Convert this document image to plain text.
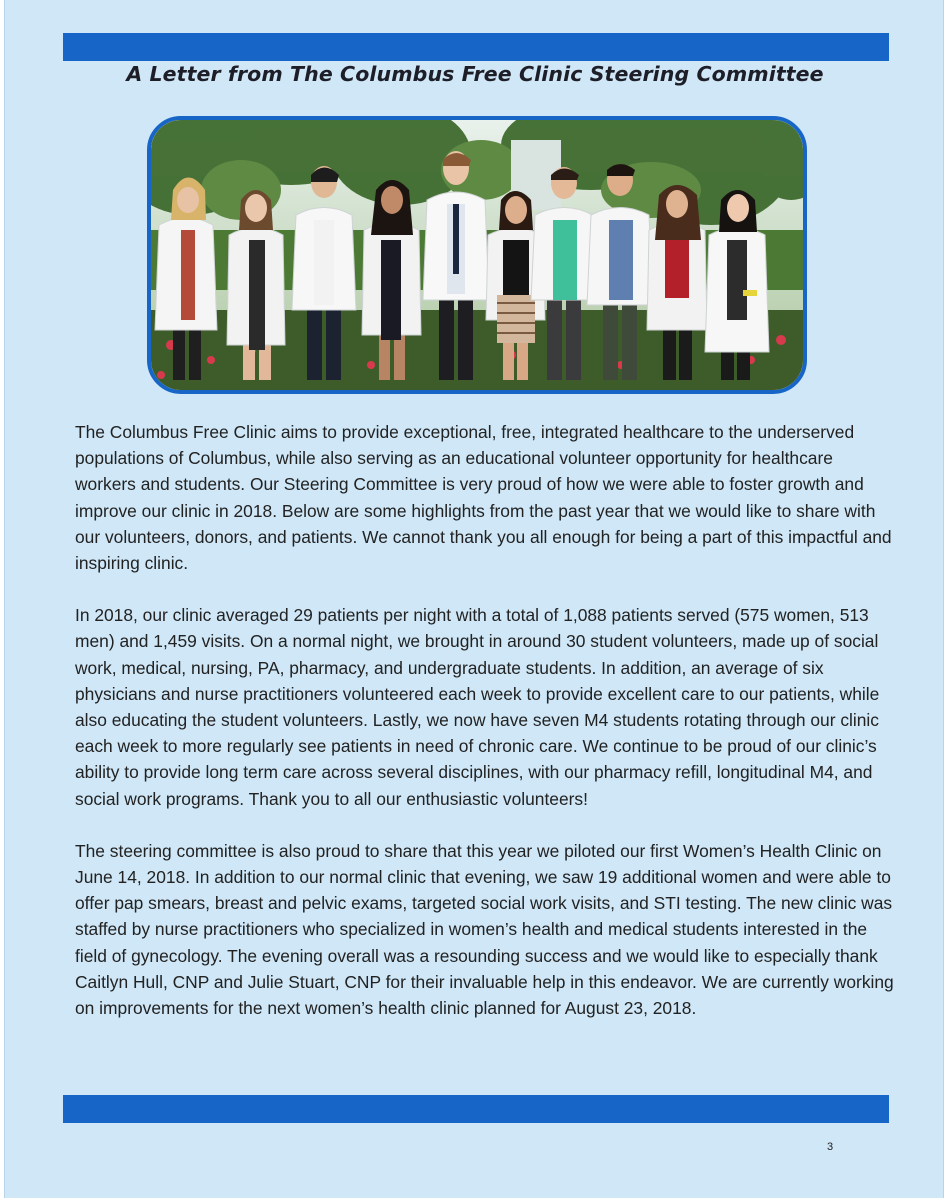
A Letter from The Columbus Free Clinic Steering Committee

The Columbus Free Clinic aims to provide exceptional, free, integrated healthcare to the underserved populations of Columbus, while also serving as an educational volunteer opportunity for healthcare workers and students. Our Steering Committee is very proud of how we were able to foster growth and improve our clinic in 2018. Below are some highlights from the past year that we would like to share with our volunteers, donors, and patients. We cannot thank you all enough for being a part of this impactful and inspiring clinic.

In 2018, our clinic averaged 29 patients per night with a total of 1,088 patients served (575 women, 513 men) and 1,459 visits. On a normal night, we brought in around 30 student volunteers, made up of social work, medical, nursing, PA, pharmacy, and undergraduate students. In addition, an average of six physicians and nurse practitioners volunteered each week to provide excellent care to our patients, while also educating the student volunteers. Lastly, we now have seven M4 students rotating through our clinic each week to more regularly see patients in need of chronic care. We continue to be proud of our clinic’s ability to provide long term care across several disciplines, with our pharmacy refill, longitudinal M4, and social work programs. Thank you to all our enthusiastic volunteers!

The steering committee is also proud to share that this year we piloted our first Women’s Health Clinic on June 14, 2018. In addition to our normal clinic that evening, we saw 19 additional women and were able to offer pap smears, breast and pelvic exams, targeted social work visits, and STI testing. The new clinic was staffed by nurse practitioners who specialized in women’s health and medical students interested in the field of gynecology. The evening overall was a resounding success and we would like to especially thank Caitlyn Hull, CNP and Julie Stuart, CNP for their invaluable help in this endeavor. We are currently working on improvements for the next women’s health clinic planned for August 23, 2018.

3
